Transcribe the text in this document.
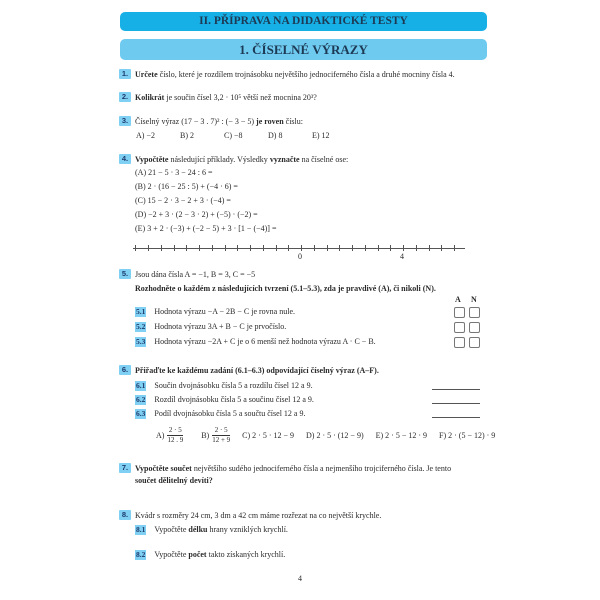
II. PŘÍPRAVA NA DIDAKTICKÉ TESTY
1. ČÍSELNÉ VÝRAZY
1. Určete číslo, které je rozdílem trojnásobku největšího jednociferného čísla a druhé mocniny čísla 4.
2. Kolikrát je součin čísel 3,2 · 10⁵ větší než mocnina 20³?
3. Číselný výraz (17 − 3 . 7)² : (− 3 − 5) je roven číslu:
A) −2	B) 2	C) −8	D) 8	E) 12
4. Vypočtěte následující příklady. Výsledky vyznačte na číselné ose:
(A) 21 − 5 · 3 − 24 : 6 =
(B) 2 · (16 − 25 : 5) + (−4 · 6) =
(C) 15 − 2 · 3 − 2 + 3 · (−4) =
(D) −2 + 3 · (2 − 3 · 2) + (−5) · (−2) =
(E) 3 + 2 · (−3) + (−2 − 5) + 3 · [1 − (−4)] =
0	4
5. Jsou dána čísla A = −1, B = 3, C = −5
Rozhodněte o každém z následujících tvrzení (5.1–5.3), zda je pravdivé (A), či nikoli (N).
A N
5.1 Hodnota výrazu −A − 2B − C je rovna nule.
5.2 Hodnota výrazu 3A + B − C je prvočíslo.
5.3 Hodnota výrazu −2A + C je o 6 menší než hodnota výrazu A · C − B.
6. Přiřaďte ke každému zadání (6.1–6.3) odpovídající číselný výraz (A–F).
6.1 Součin dvojnásobku čísla 5 a rozdílu čísel 12 a 9.
6.2 Rozdíl dvojnásobku čísla 5 a součinu čísel 12 a 9.
6.3 Podíl dvojnásobku čísla 5 a součtu čísel 12 a 9.
$A) \frac{2 \cdot 5}{12 . 9} B) \frac{2 \cdot 5}{12 + 9} C$) 2 · 5 · 12 − 9 D) 2 · 5 · (12 − 9) E) 2 · 5 − 12 · 9 F) 2 · (5 − 12) · 9
7. Vypočtěte součet největšího sudého jednociferného čísla a nejmenšího trojciferného čísla. Je tento
součet dělitelný devíti?
8. Kvádr s rozměry 24 cm, 3 dm a 42 cm máme rozřezat na co největší krychle.
8.1 Vypočtěte délku hrany vzniklých krychlí.
8.2 Vypočtěte počet takto získaných krychlí.
4
